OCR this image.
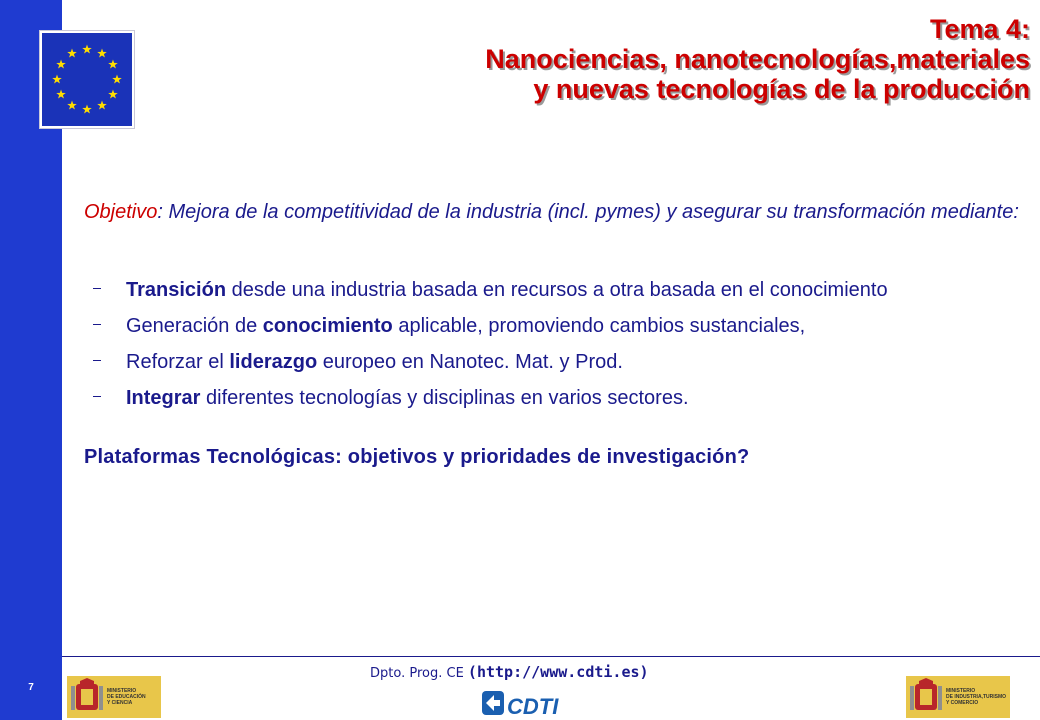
7
Tema 4:
Nanociencias, nanotecnologías,materiales
y nuevas tecnologías de la producción
Objetivo: Mejora de la competitividad de la industria (incl. pymes) y asegurar su transformación mediante:
Transición desde una industria basada en recursos a otra basada en el conocimiento
Generación de conocimiento aplicable, promoviendo cambios sustanciales,
Reforzar el liderazgo europeo en Nanotec. Mat. y Prod.
Integrar diferentes tecnologías y disciplinas en varios sectores.
Plataformas Tecnológicas: objetivos y prioridades de investigación?
Dpto. Prog. CE (http://www.cdti.es)
MINISTERIO
DE EDUCACIÓN
Y CIENCIA	CDTI
MINISTERIO
DE INDUSTRIA,TURISMO
Y COMERCIO
